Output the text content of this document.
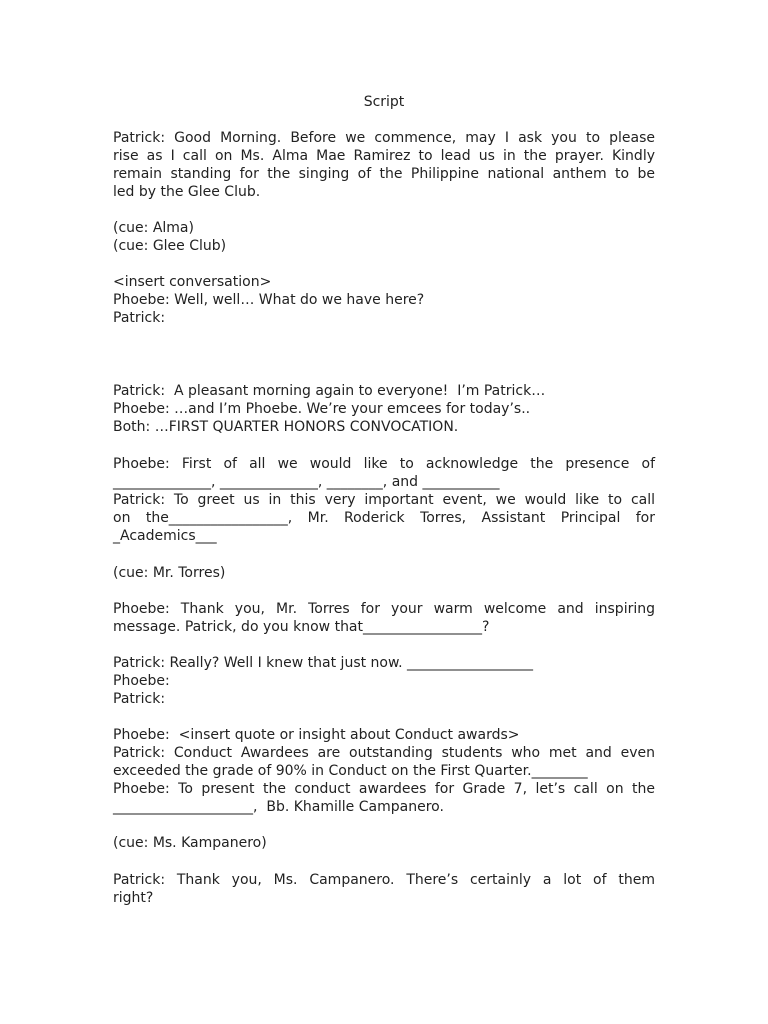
Script
Patrick: Good Morning. Before we commence, may I ask you to please
rise as I call on Ms. Alma Mae Ramirez to lead us in the prayer. Kindly
remain standing for the singing of the Philippine national anthem to be
led by the Glee Club.
(cue: Alma)
(cue: Glee Club)
<insert conversation>
Phoebe: Well, well… What do we have here?
Patrick:
Patrick:  A pleasant morning again to everyone!  I’m Patrick…
Phoebe: …and I’m Phoebe. We’re your emcees for today’s..
Both: …FIRST QUARTER HONORS CONVOCATION.
Phoebe: First of all we would like to acknowledge the presence of
______________, ______________, ________, and ___________
Patrick: To greet us in this very important event, we would like to call
on the_________________, Mr. Roderick Torres, Assistant Principal for
_Academics___
(cue: Mr. Torres)
Phoebe: Thank you, Mr. Torres for your warm welcome and inspiring
message. Patrick, do you know that_________________?
Patrick: Really? Well I knew that just now. __________________
Phoebe:
Patrick:
Phoebe:  <insert quote or insight about Conduct awards>
Patrick: Conduct Awardees are outstanding students who met and even
exceeded the grade of 90% in Conduct on the First Quarter.________
Phoebe: To present the conduct awardees for Grade 7, let’s call on the
____________________,  Bb. Khamille Campanero.
(cue: Ms. Kampanero)
Patrick: Thank you, Ms. Campanero. There’s certainly a lot of them
right?
